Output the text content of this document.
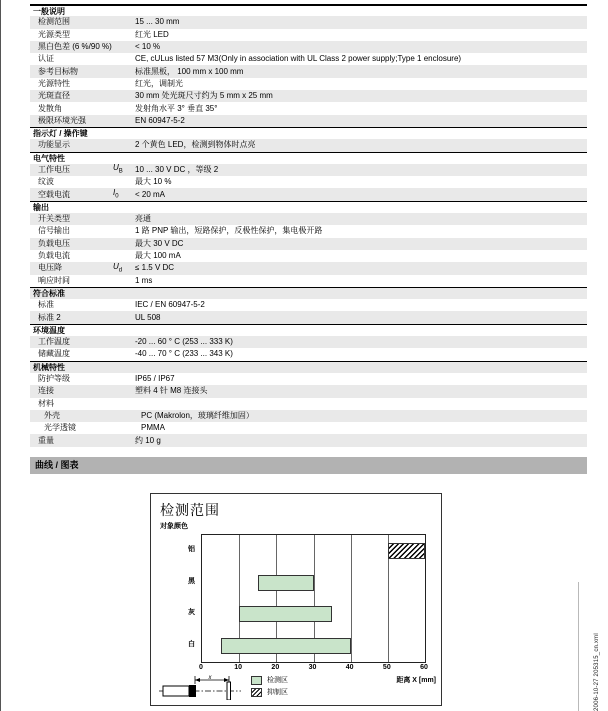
一般说明
检测范围	15 ... 30 mm
光源类型	红光 LED
黑白色差 (6 %/90 %)	< 10 %
认证	CE, cULus listed 57 M3(Only in association with UL Class 2 power supply;Type 1 enclosure)
参考目标物	标准黑板， 100 mm x 100 mm
光源特性	红光，调制光
光斑直径	30 mm 处光斑尺寸约为 5 mm x 25 mm
发散角	发射角水平 3° 垂直 35°
极限环境光强	EN 60947-5-2
指示灯 / 操作键
功能显示	2 个黄色 LED，检测到物体时点亮
电气特性
工作电压	$U_B$	10 ... 30 V DC ，等级 2
纹波	最大 10 %
空载电流	$I_0$	< 20 mA
输出
开关类型	亮通
信号输出	1 路 PNP 输出，短路保护，反极性保护，集电极开路
负载电压	最大 30 V DC
负载电流	最大 100 mA
电压降	$U_d$	≤ 1.5 V DC
响应时间	1 ms
符合标准
标准	IEC / EN 60947-5-2
标准 2	UL 508
环境温度
工作温度	-20 ... 60 ° C (253 ... 333 K)
储藏温度	-40 ... 70 ° C (233 ... 343 K)
机械特性
防护等级	IP65 / IP67
连接	塑料 4 针 M8 连接头
材料
外壳	PC (Makrolon，玻璃纤维加固）
光学透镜	PMMA
重量	约 10 g
曲线 / 图表
检测范围
对象颜色
铝
黑
灰
白
0	10	20	30	40	50	60
距离 X [mm]
检测区
抑制区
x	2006-10-27 205315_cn.xml
